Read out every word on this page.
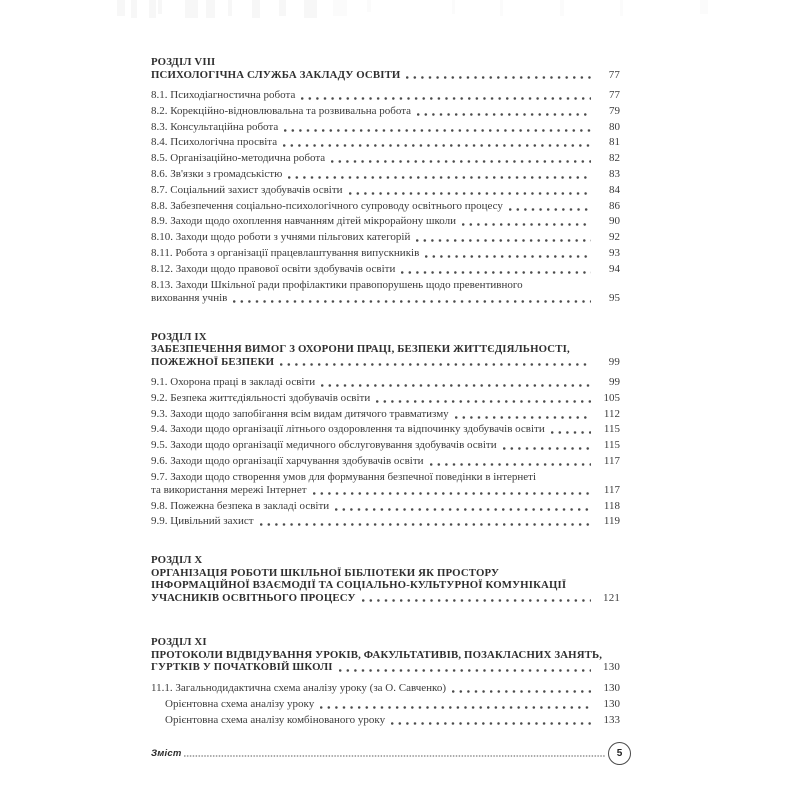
РОЗДІЛ VIII
ПСИХОЛОГІЧНА СЛУЖБА ЗАКЛАДУ ОСВІТИ	77
8.1. Психодіагностична робота	77
8.2. Корекційно-відновлювальна та розвивальна робота	79
8.3. Консультаційна робота	80
8.4. Психологічна просвіта	81
8.5. Організаційно-методична робота	82
8.6. Зв'язки з громадськістю	83
8.7. Соціальний захист здобувачів освіти	84
8.8. Забезпечення соціально-психологічного супроводу освітнього процесу	86
8.9. Заходи щодо охоплення навчанням дітей мікрорайону школи	90
8.10. Заходи щодо роботи з учнями пільгових категорій	92
8.11. Робота з організації працевлаштування випускників	93
8.12. Заходи щодо правової освіти здобувачів освіти	94
8.13. Заходи Шкільної ради профілактики правопорушень щодо превентивного
виховання учнів	95
РОЗДІЛ IX
ЗАБЕЗПЕЧЕННЯ ВИМОГ З ОХОРОНИ ПРАЦІ, БЕЗПЕКИ ЖИТТЄДІЯЛЬНОСТІ,
ПОЖЕЖНОЇ БЕЗПЕКИ	99
9.1. Охорона праці в закладі освіти	99
9.2. Безпека життєдіяльності здобувачів освіти	105
9.3. Заходи щодо запобігання всім видам дитячого травматизму	112
9.4. Заходи щодо організації літнього оздоровлення та відпочинку здобувачів освіти	115
9.5. Заходи щодо організації медичного обслуговування здобувачів освіти	115
9.6. Заходи щодо організації харчування здобувачів освіти	117
9.7. Заходи щодо створення умов для формування безпечної поведінки в інтернеті
та використання мережі Інтернет	117
9.8. Пожежна безпека в закладі освіти	118
9.9. Цивільний захист	119
РОЗДІЛ X
ОРГАНІЗАЦІЯ РОБОТИ ШКІЛЬНОЇ БІБЛІОТЕКИ ЯК ПРОСТОРУ
ІНФОРМАЦІЙНОЇ ВЗАЄМОДІЇ ТА СОЦІАЛЬНО-КУЛЬТУРНОЇ КОМУНІКАЦІЇ
УЧАСНИКІВ ОСВІТНЬОГО ПРОЦЕСУ	121
РОЗДІЛ XI
ПРОТОКОЛИ ВІДВІДУВАННЯ УРОКІВ, ФАКУЛЬТАТИВІВ, ПОЗАКЛАСНИХ ЗАНЯТЬ,
ГУРТКІВ У ПОЧАТКОВІЙ ШКОЛІ	130
11.1. Загальнодидактична схема аналізу уроку (за О. Савченко)	130
Орієнтовна схема аналізу уроку	130
Орієнтовна схема аналізу комбінованого уроку	133
Зміст	5
